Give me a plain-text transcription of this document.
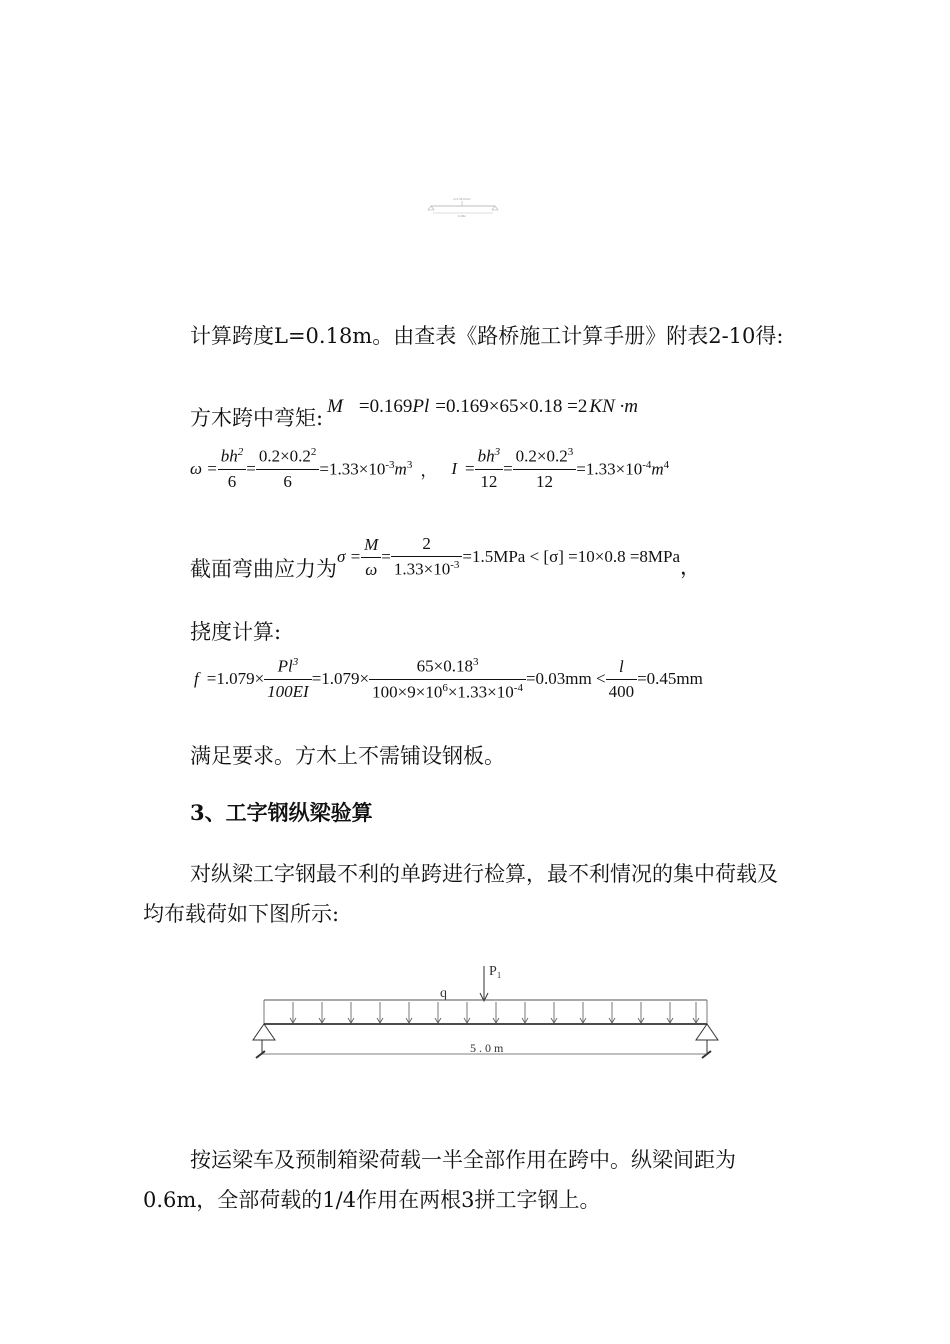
q=1.35 KN/m
0.18m
计算跨度L=0.18m。由查表《路桥施工计算手册》附表2-10得:
方木跨中弯矩: M =0.169 Pl =0.169×65×0.18 =2 KN ·m
$\omega = \frac{bh^2}{6} = \frac{0.2\times 0.2^2}{6} =1.33\times 10^{-3}m^3$ ， $I = \frac{bh^3}{12} = \frac{0.2\times 0.2^3}{12} =1.33\times 10^{-4}m^4$
截面弯曲应力为
$\sigma = \frac{M}{\omega} = \frac{2}{1.33\times 10^{-3}} =1.5MPa < [\sigma] =10\times 0.8 =8MPa$ ，
挠度计算:
$f =1.079\times \frac{Pl^3}{100EI} =1.079\times \frac{65\times 0.18^3}{100\times 9\times 10^6\times 1.33\times 10^{-4}} =0.03mm < \frac{l}{400} =0.45mm$
满足要求。方木上不需铺设钢板。
3、工字钢纵梁验算
对纵梁工字钢最不利的单跨进行检算，最不利情况的集中荷载及
均布载荷如下图所示:
q
P₁
5.0m
按运梁车及预制箱梁荷载一半全部作用在跨中。纵梁间距为
0.6m，全部荷载的1/4作用在两根3拼工字钢上。
